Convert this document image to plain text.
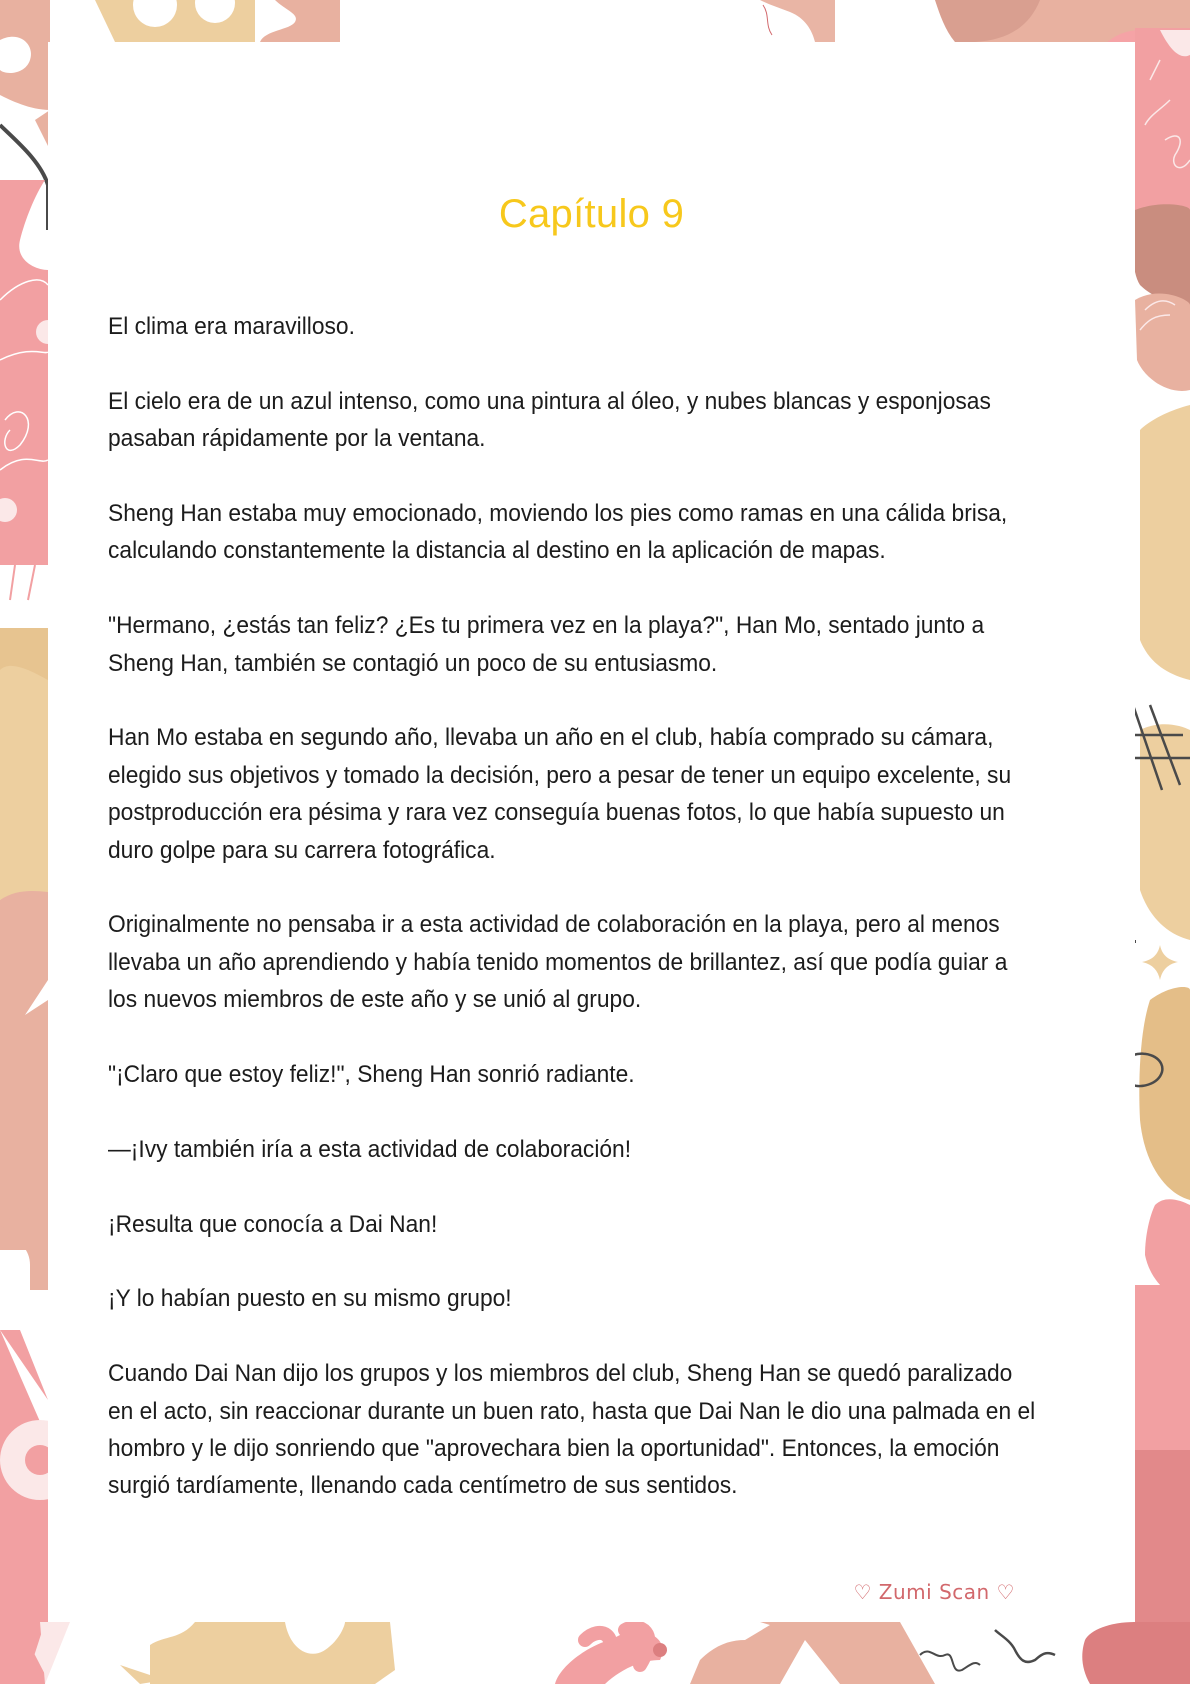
Capítulo 9

El clima era maravilloso.

El cielo era de un azul intenso, como una pintura al óleo, y nubes blancas y esponjosas pasaban rápidamente por la ventana.

Sheng Han estaba muy emocionado, moviendo los pies como ramas en una cálida brisa, calculando constantemente la distancia al destino en la aplicación de mapas.

"Hermano, ¿estás tan feliz? ¿Es tu primera vez en la playa?", Han Mo, sentado junto a Sheng Han, también se contagió un poco de su entusiasmo.

Han Mo estaba en segundo año, llevaba un año en el club, había comprado su cámara, elegido sus objetivos y tomado la decisión, pero a pesar de tener un equipo excelente, su postproducción era pésima y rara vez conseguía buenas fotos, lo que había supuesto un duro golpe para su carrera fotográfica.

Originalmente no pensaba ir a esta actividad de colaboración en la playa, pero al menos llevaba un año aprendiendo y había tenido momentos de brillantez, así que podía guiar a los nuevos miembros de este año y se unió al grupo.

"¡Claro que estoy feliz!", Sheng Han sonrió radiante.

—¡Ivy también iría a esta actividad de colaboración!

¡Resulta que conocía a Dai Nan!

¡Y lo habían puesto en su mismo grupo!

Cuando Dai Nan dijo los grupos y los miembros del club, Sheng Han se quedó paralizado en el acto, sin reaccionar durante un buen rato, hasta que Dai Nan le dio una palmada en el hombro y le dijo sonriendo que "aprovechara bien la oportunidad". Entonces, la emoción surgió tardíamente, llenando cada centímetro de sus sentidos.

♡ Zumi Scan ♡
